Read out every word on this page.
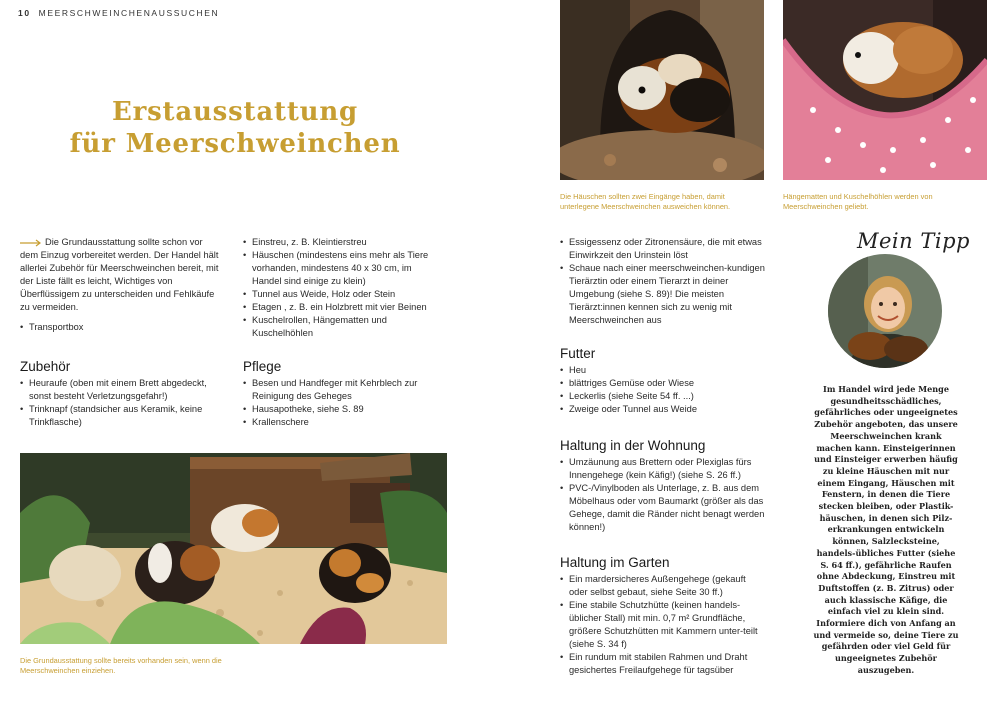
10 MEERSCHWEINCHENAUSSUCHEN
Erstausstattung
für Meerschweinchen
Die Häuschen sollten zwei Eingänge haben, damit unterlegene Meerschweinchen ausweichen können.
Hängematten und Kuschelhöhlen werden von Meerschweinchen geliebt.

Die Grundausstattung sollte schon vor dem Einzug vorbereitet werden. Der Handel hält allerlei Zubehör für Meerschweinchen bereit, mit der Liste fällt es leicht, Wichtiges von Überflüssigem zu unterscheiden und Fehlkäufe zu vermeiden.

• Transportbox
Zubehör
• Heuraufe (oben mit einem Brett abgedeckt, sonst besteht Verletzungsgefahr!)
• Trinknapf (standsicher aus Keramik, keine Trinkflasche)
• Einstreu, z. B. Kleintierstreu
• Häuschen (mindestens eins mehr als Tiere vorhanden, mindestens 40 x 30 cm, im Handel sind einige zu klein)
• Tunnel aus Weide, Holz oder Stein
• Etagen , z. B. ein Holzbrett mit vier Beinen
• Kuschelrollen, Hängematten und Kuschelhöhlen
Pflege
• Besen und Handfeger mit Kehrblech zur Reinigung des Geheges
• Hausapotheke, siehe S. 89
• Krallenschere
Die Grundausstattung sollte bereits vorhanden sein, wenn die Meerschweinchen einziehen.
• Essigessenz oder Zitronensäure, die mit etwas Einwirkzeit den Urinstein löst
• Schaue nach einer meerschweinchen-kundigen Tierärztin oder einem Tierarzt in deiner Umgebung (siehe S. 89)! Die meisten Tierärzt:innen kennen sich zu wenig mit Meerschweinchen aus
Futter
• Heu
• blättriges Gemüse oder Wiese
• Leckerlis (siehe Seite 54 ff. ...)
• Zweige oder Tunnel aus Weide
Haltung in der Wohnung
• Umzäunung aus Brettern oder Plexiglas fürs Innengehege (kein Käfig!) (siehe S. 26 ff.)
• PVC-/Vinylboden als Unterlage, z. B. aus dem Möbelhaus oder vom Baumarkt (größer als das Gehege, damit die Ränder nicht benagt werden können!)
Haltung im Garten
• Ein mardersicheres Außengehege (gekauft oder selbst gebaut, siehe Seite 30 ff.)
• Eine stabile Schutzhütte (keinen handels-üblicher Stall) mit min. 0,7 m² Grundfläche, größere Schutzhütten mit Kammern unter-teilt (siehe S. 34 f)
• Ein rundum mit stabilen Rahmen und Draht gesichertes Freilaufgehege für tagsüber
Mein Tipp
Im Handel wird jede Menge gesundheitsschädliches, gefährliches oder ungeeignetes Zubehör angeboten, das unsere Meerschweinchen krank machen kann. Einsteigerinnen und Einsteiger erwerben häufig zu kleine Häuschen mit nur einem Eingang, Häuschen mit Fenstern, in denen die Tiere stecken bleiben, oder Plastik-häuschen, in denen sich Pilz-erkrankungen entwickeln können, Salzlecksteine, handels-übliches Futter (siehe S. 64 ff.), gefährliche Raufen ohne Abdeckung, Einstreu mit Duftstoffen (z. B. Zitrus) oder auch klassische Käfige, die einfach viel zu klein sind. Informiere dich von Anfang an und vermeide so, deine Tiere zu gefährden oder viel Geld für ungeeignetes Zubehör auszugeben.
